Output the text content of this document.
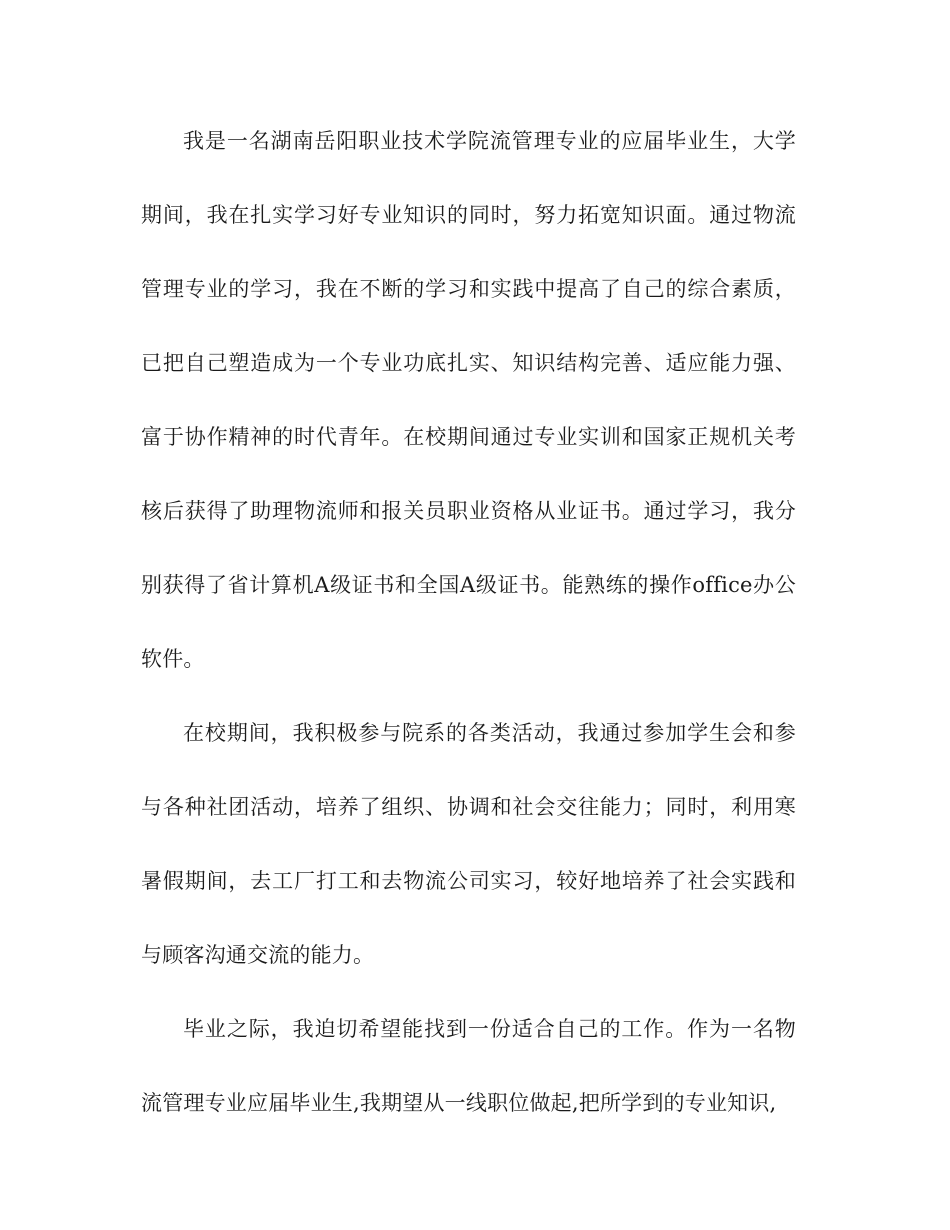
我是一名湖南岳阳职业技术学院流管理专业的应届毕业生，大学期间，我在扎实学习好专业知识的同时，努力拓宽知识面。通过物流管理专业的学习，我在不断的学习和实践中提高了自己的综合素质，已把自己塑造成为一个专业功底扎实、知识结构完善、适应能力强、富于协作精神的时代青年。在校期间通过专业实训和国家正规机关考核后获得了助理物流师和报关员职业资格从业证书。通过学习，我分别获得了省计算机A级证书和全国A级证书。能熟练的操作office办公软件。

在校期间，我积极参与院系的各类活动，我通过参加学生会和参与各种社团活动，培养了组织、协调和社会交往能力；同时，利用寒暑假期间，去工厂打工和去物流公司实习，较好地培养了社会实践和与顾客沟通交流的能力。

毕业之际，我迫切希望能找到一份适合自己的工作。作为一名物流管理专业应届毕业生,我期望从一线职位做起,把所学到的专业知识,
